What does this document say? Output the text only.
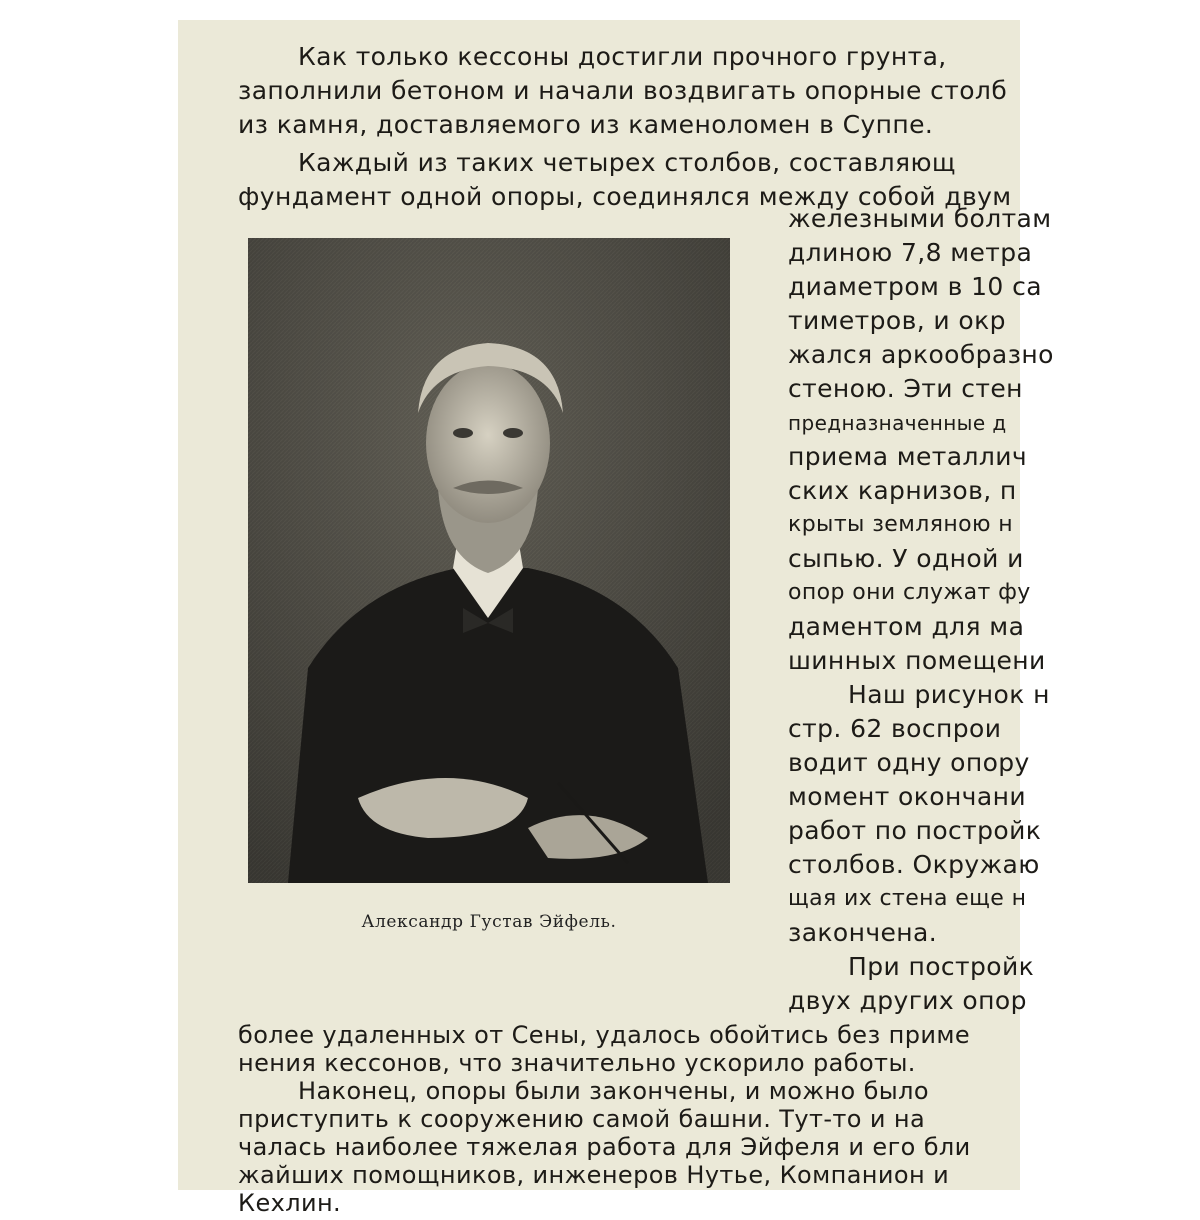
Как только кессоны достигли прочного грунта,
заполнили бетоном и начали воздвигать опорные столб
из камня, доставляемого из каменоломен в Суппе.
Каждый из таких четырех столбов, составляющ
фундамент одной опоры, соединялся между собой двум
Александр Густав Эйфель.
железными болтам
длиною 7,8 метра
диаметром в 10 са
тиметров, и окр
жался аркообразно
стеною. Эти стен
предназначенные д
приема металлич
ских карнизов, п
крыты земляною н
сыпью. У одной и
опор они служат фу
даментом для ма
шинных помещени
Наш рисунок н
стр. 62 воспрои
водит одну опору
момент окончани
работ по постройк
столбов. Окружаю
щая их стена еще н
закончена.
При постройк
двух других опор
более удаленных от Сены, удалось обойтись без приме
нения кессонов, что значительно ускорило работы.
Наконец, опоры были закончены, и можно было
приступить к сооружению самой башни. Тут-то и на
чалась наиболее тяжелая работа для Эйфеля и его бли
жайших помощников, инженеров Нутье, Компанион и
Кехлин.
